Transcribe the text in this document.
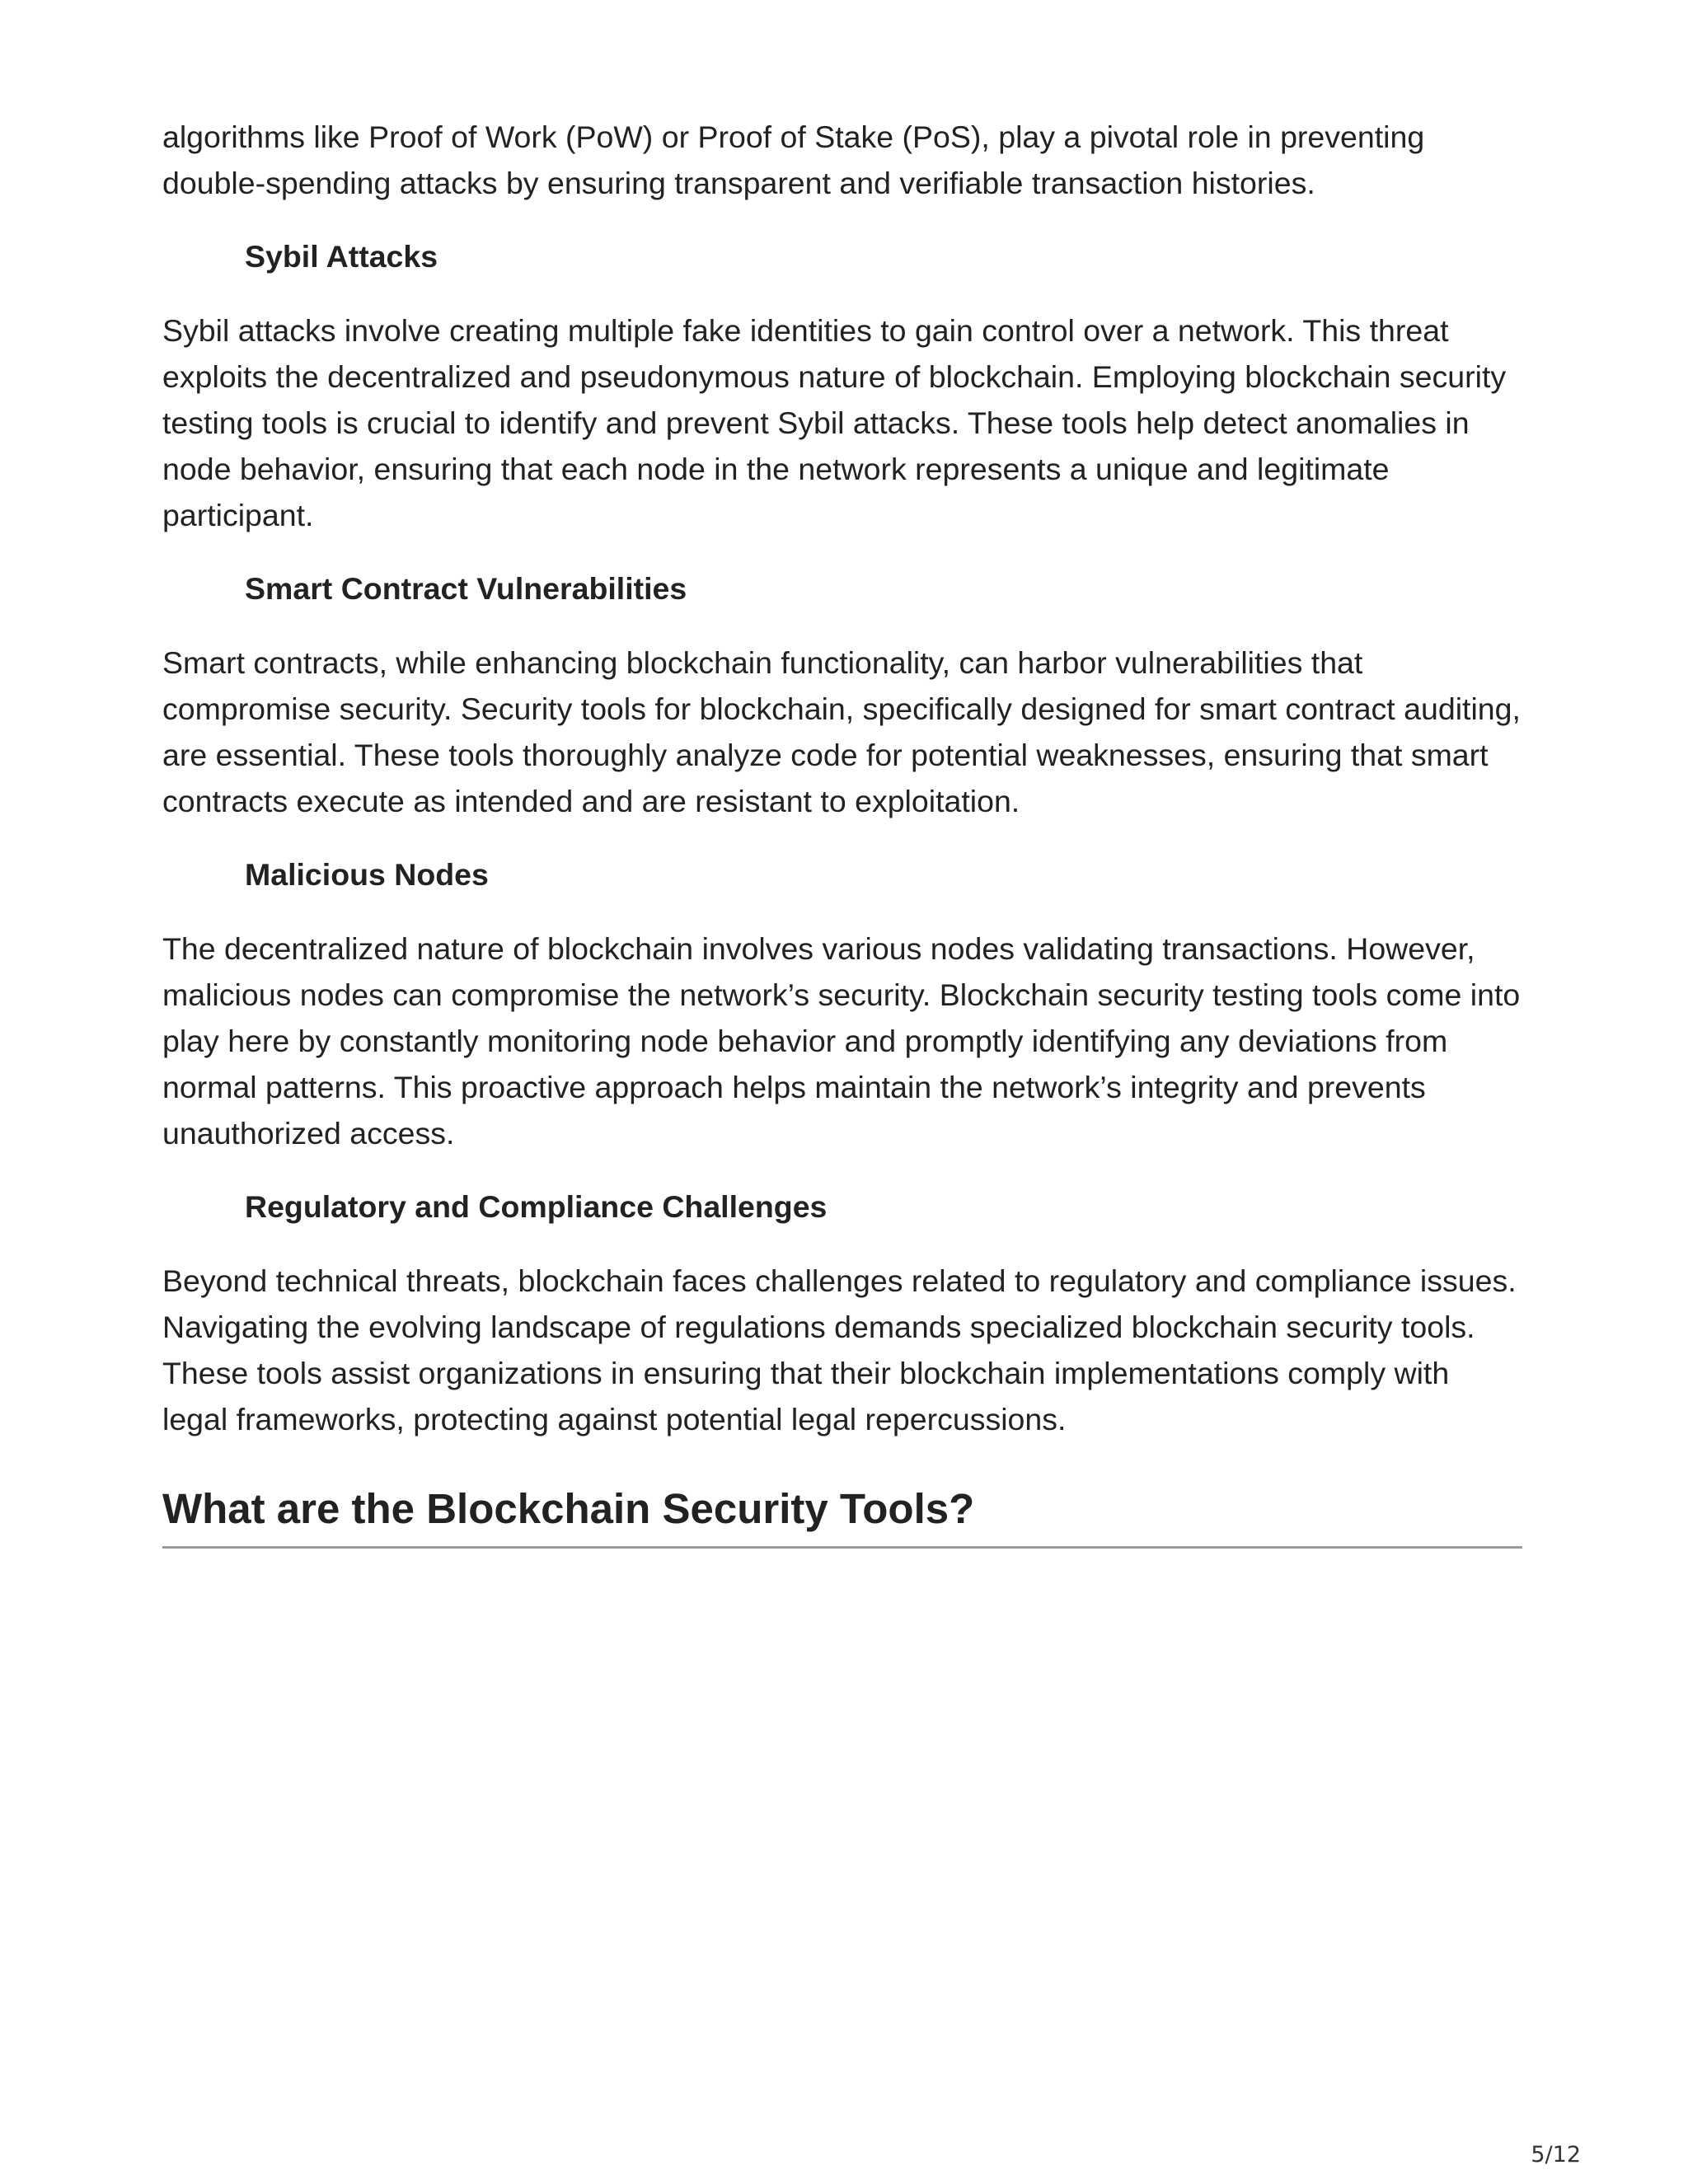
algorithms like Proof of Work (PoW) or Proof of Stake (PoS), play a pivotal role in preventing double-spending attacks by ensuring transparent and verifiable transaction histories.

Sybil Attacks

Sybil attacks involve creating multiple fake identities to gain control over a network. This threat exploits the decentralized and pseudonymous nature of blockchain. Employing blockchain security testing tools is crucial to identify and prevent Sybil attacks. These tools help detect anomalies in node behavior, ensuring that each node in the network represents a unique and legitimate participant.

Smart Contract Vulnerabilities

Smart contracts, while enhancing blockchain functionality, can harbor vulnerabilities that compromise security. Security tools for blockchain, specifically designed for smart contract auditing, are essential. These tools thoroughly analyze code for potential weaknesses, ensuring that smart contracts execute as intended and are resistant to exploitation.

Malicious Nodes

The decentralized nature of blockchain involves various nodes validating transactions. However, malicious nodes can compromise the network’s security. Blockchain security testing tools come into play here by constantly monitoring node behavior and promptly identifying any deviations from normal patterns. This proactive approach helps maintain the network’s integrity and prevents unauthorized access.

Regulatory and Compliance Challenges

Beyond technical threats, blockchain faces challenges related to regulatory and compliance issues. Navigating the evolving landscape of regulations demands specialized blockchain security tools. These tools assist organizations in ensuring that their blockchain implementations comply with legal frameworks, protecting against potential legal repercussions.

What are the Blockchain Security Tools?
5/12
